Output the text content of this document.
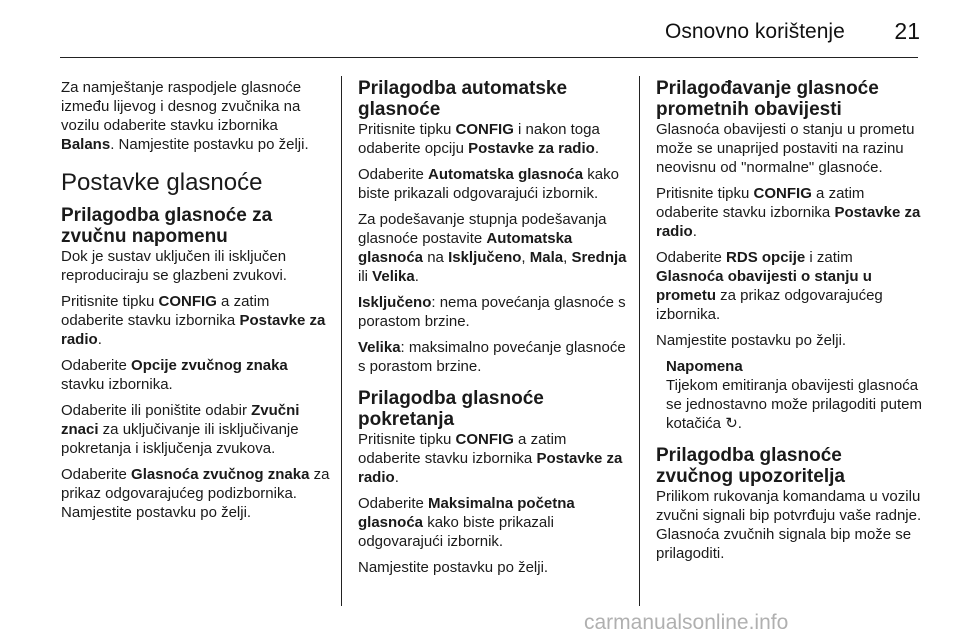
Osnovno korištenje 21

Za namještanje raspodjele glasnoće između lijevog i desnog zvučnika na vozilu odaberite stavku izbornika Balans. Namjestite postavku po želji.

Postavke glasnoće
Prilagodba glasnoće za zvučnu napomenu

Dok je sustav uključen ili isključen reproduciraju se glazbeni zvukovi.

Pritisnite tipku CONFIG a zatim odaberite stavku izbornika Postavke za radio.

Odaberite Opcije zvučnog znaka stavku izbornika.

Odaberite ili poništite odabir Zvučni znaci za uključivanje ili isključivanje pokretanja i isključenja zvukova.

Odaberite Glasnoća zvučnog znaka za prikaz odgovarajućeg podizbornika. Namjestite postavku po želji.

Prilagodba automatske glasnoće

Pritisnite tipku CONFIG i nakon toga odaberite opciju Postavke za radio.

Odaberite Automatska glasnoća kako biste prikazali odgovarajući izbornik.

Za podešavanje stupnja podešavanja glasnoće postavite Automatska glasnoća na Isključeno, Mala, Srednja ili Velika.

Isključeno: nema povećanja glasnoće s porastom brzine.

Velika: maksimalno povećanje glasnoće s porastom brzine.

Prilagodba glasnoće pokretanja

Pritisnite tipku CONFIG a zatim odaberite stavku izbornika Postavke za radio.

Odaberite Maksimalna početna glasnoća kako biste prikazali odgovarajući izbornik.

Namjestite postavku po želji.

Prilagođavanje glasnoće prometnih obavijesti

Glasnoća obavijesti o stanju u prometu može se unaprijed postaviti na razinu neovisnu od "normalne" glasnoće.

Pritisnite tipku CONFIG a zatim odaberite stavku izbornika Postavke za radio.

Odaberite RDS opcije i zatim Glasnoća obavijesti o stanju u prometu za prikaz odgovarajućeg izbornika.

Namjestite postavku po želji.

Napomena
Tijekom emitiranja obavijesti glasnoća se jednostavno može prilagoditi putem kotačića ↻.
Prilagodba glasnoće zvučnog upozoritelja

Prilikom rukovanja komandama u vozilu zvučni signali bip potvrđuju vaše radnje. Glasnoća zvučnih signala bip može se prilagoditi.

carmanualsonline.info
